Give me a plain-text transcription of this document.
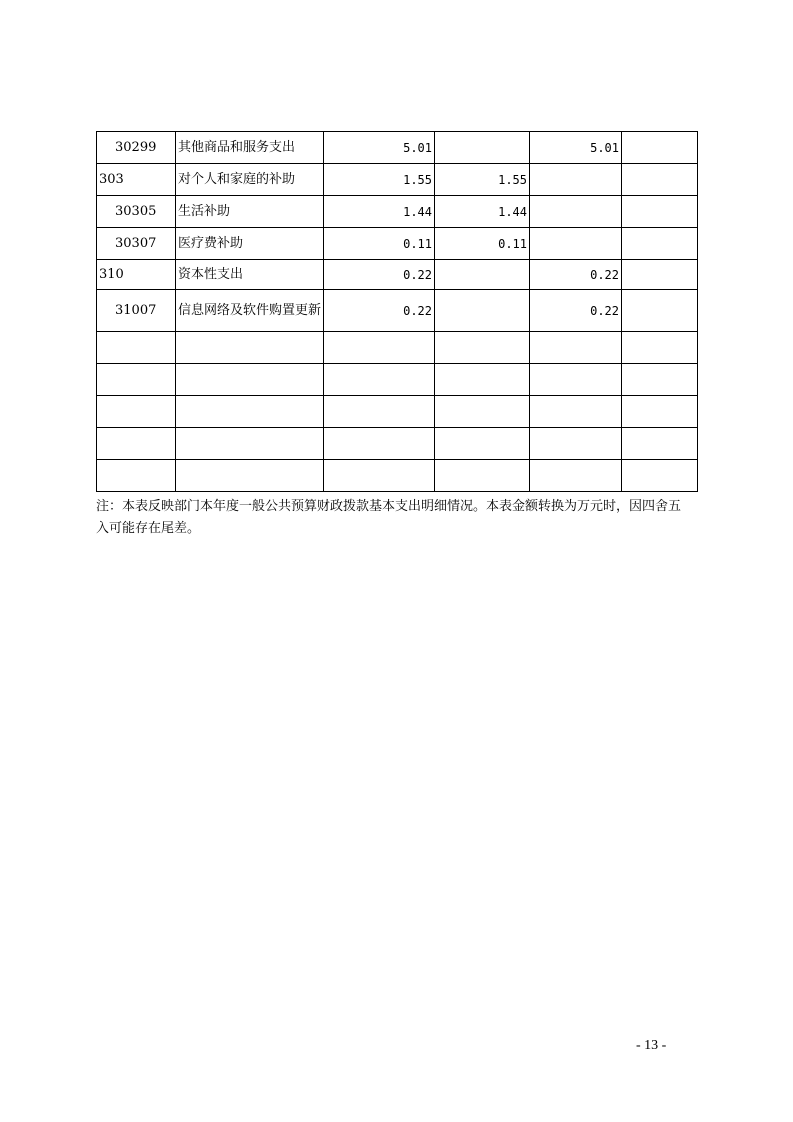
30299	其他商品和服务支出	5.01		5.01	
303	对个人和家庭的补助	1.55	1.55		
30305	生活补助	1.44	1.44		
30307	医疗费补助	0.11	0.11		
310	资本性支出	0.22		0.22	
31007	信息网络及软件购置更新	0.22		0.22	

注：本表反映部门本年度一般公共预算财政拨款基本支出明细情况。本表金额转换为万元时，因四舍五入可能存在尾差。
- 13 -
